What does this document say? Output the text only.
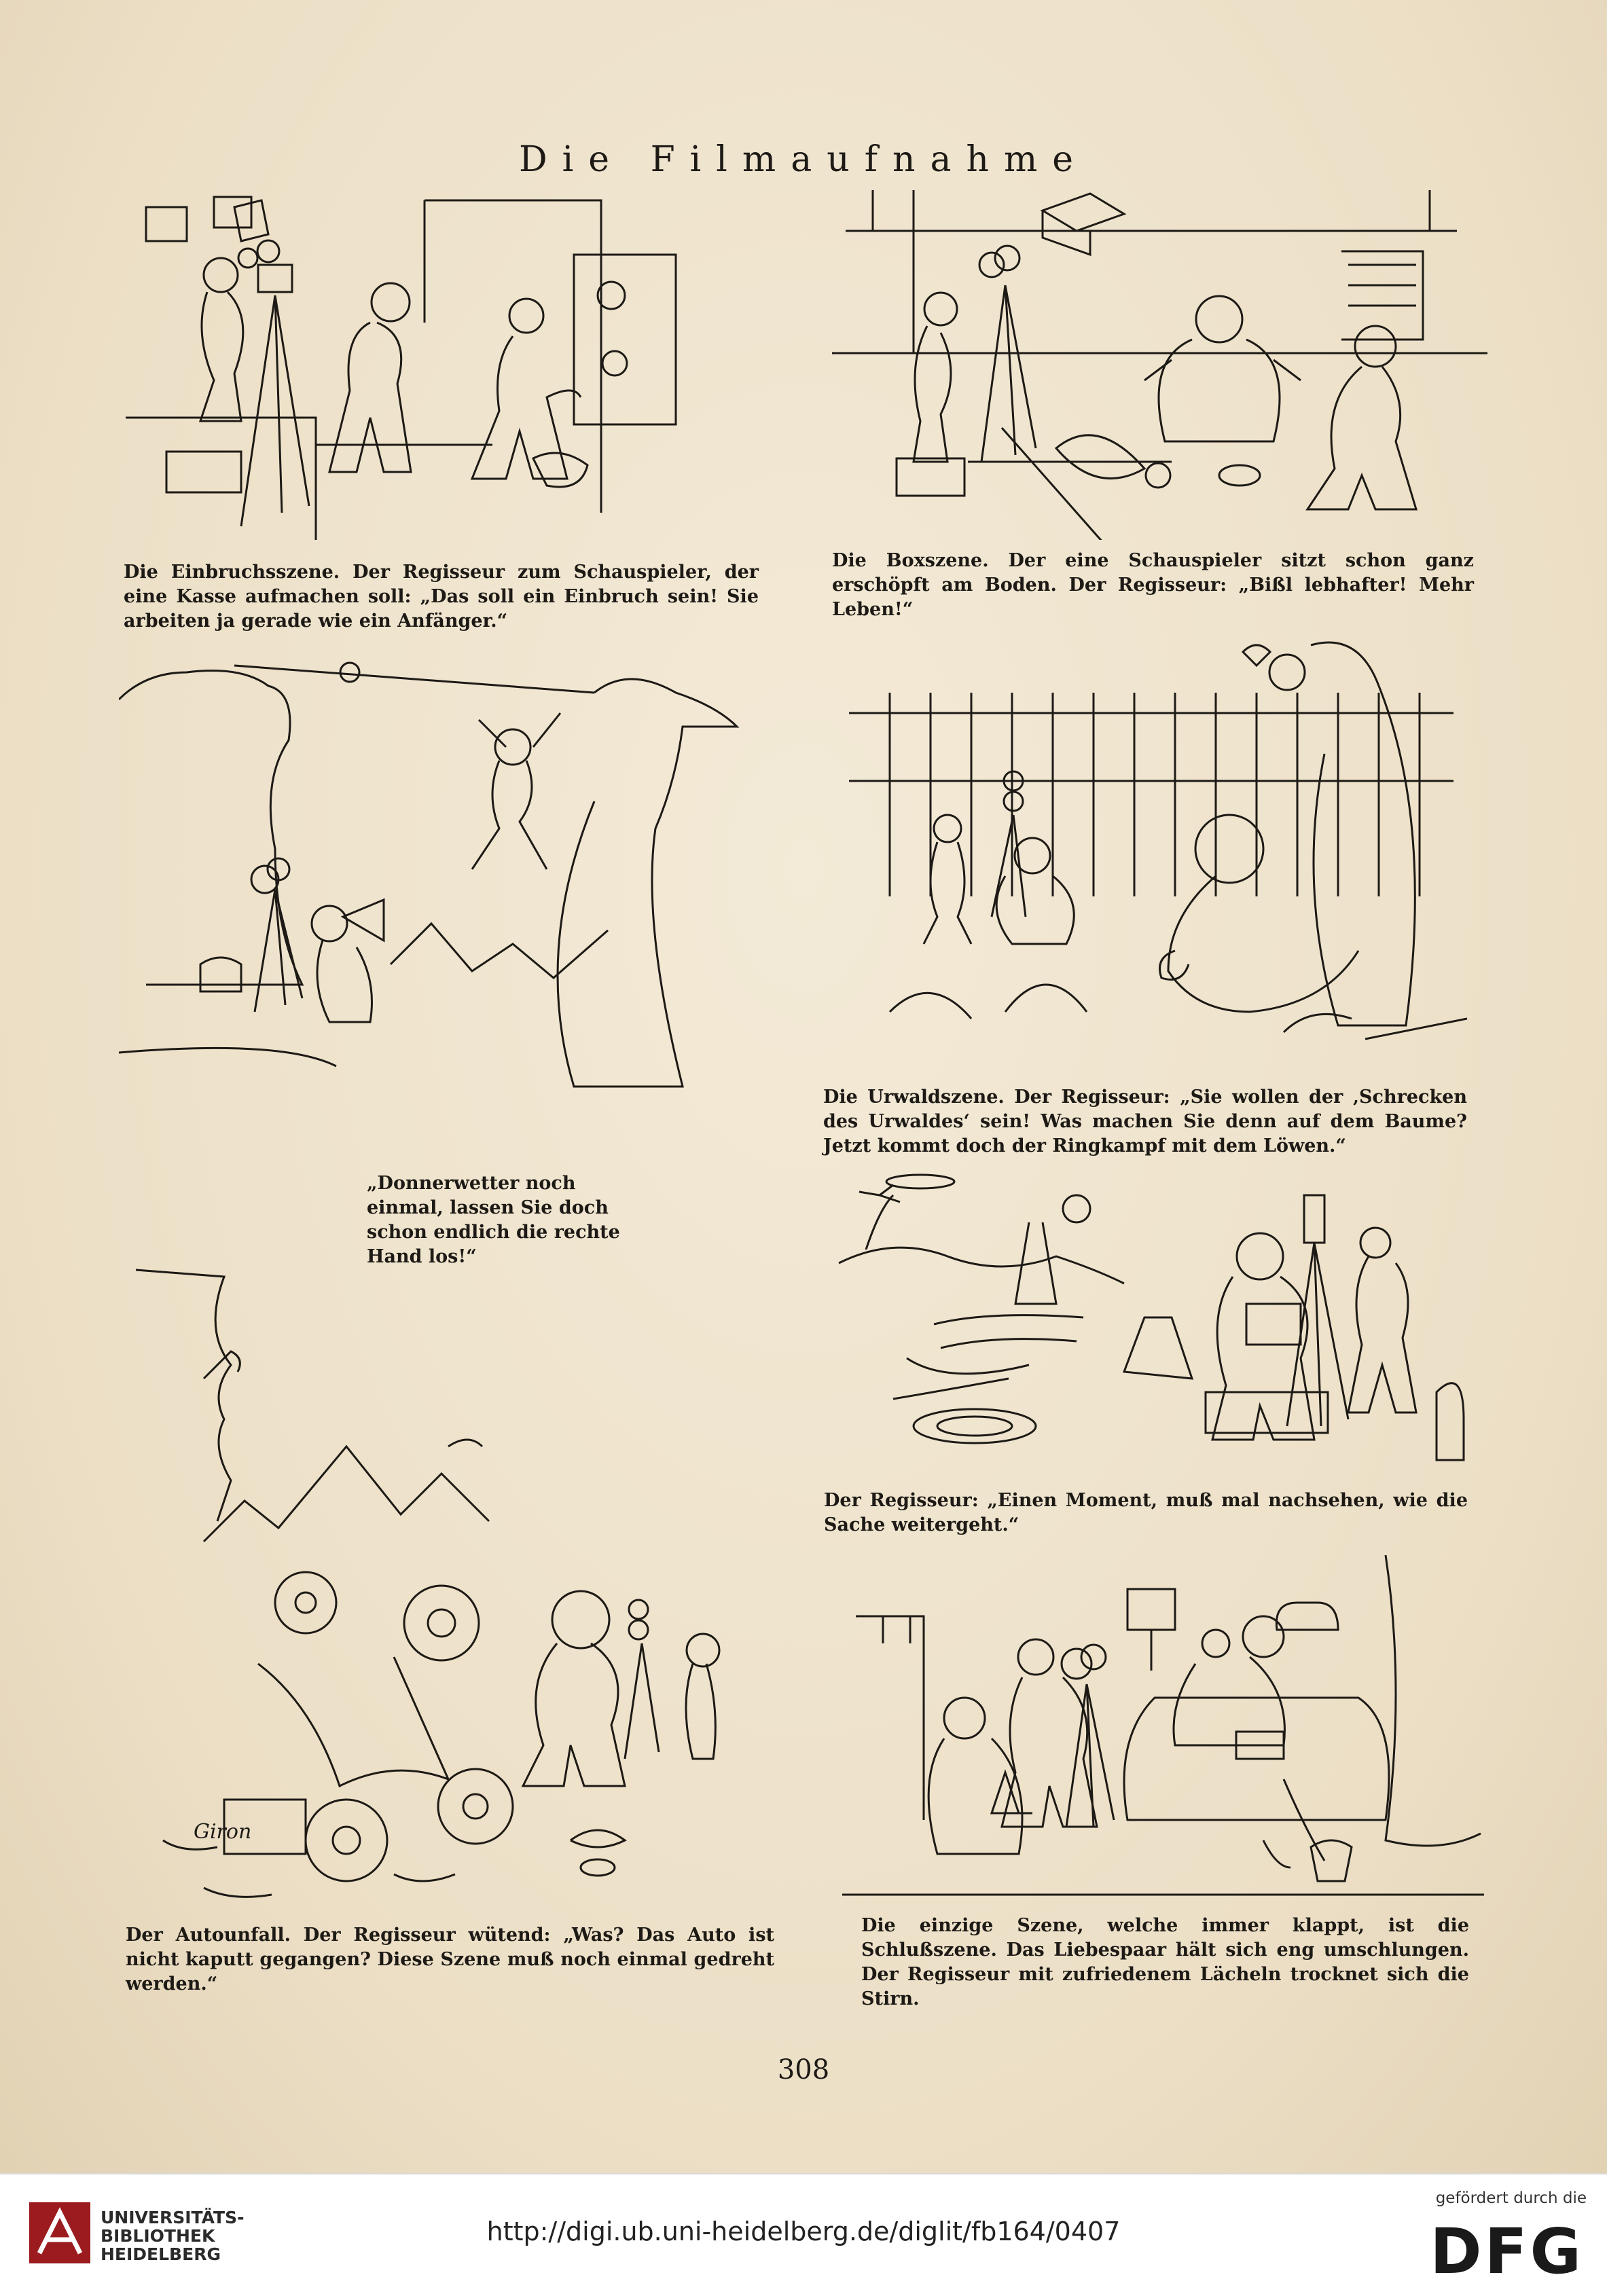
Die Filmaufnahme
Die Einbruchsszene. Der Regisseur zum Schauspieler, der eine Kasse aufmachen soll: „Das soll ein Einbruch sein! Sie arbeiten ja gerade wie ein Anfänger.“
Die Boxszene. Der eine Schauspieler sitzt schon ganz erschöpft am Boden. Der Regisseur: „Bißl lebhafter! Mehr Leben!“
„Donnerwetter noch einmal, lassen Sie doch schon endlich die rechte Hand los!“
Die Urwaldszene. Der Regisseur: „Sie wollen der ‚Schrecken des Urwaldes‘ sein! Was machen Sie denn auf dem Baume? Jetzt kommt doch der Ringkampf mit dem Löwen.“
Der Regisseur: „Einen Moment, muß mal nachsehen, wie die Sache weitergeht.“
Giron
Der Autounfall. Der Regisseur wütend: „Was? Das Auto ist nicht kaputt gegangen? Diese Szene muß noch einmal gedreht werden.“
Die einzige Szene, welche immer klappt, ist die Schlußszene. Das Liebespaar hält sich eng umschlungen. Der Regisseur mit zufriedenem Lächeln trocknet sich die Stirn.
308
UNIVERSITÄTS-
BIBLIOTHEK
HEIDELBERG
http://digi.ub.uni-heidelberg.de/diglit/fb164/0407
gefördert durch die
DFG
